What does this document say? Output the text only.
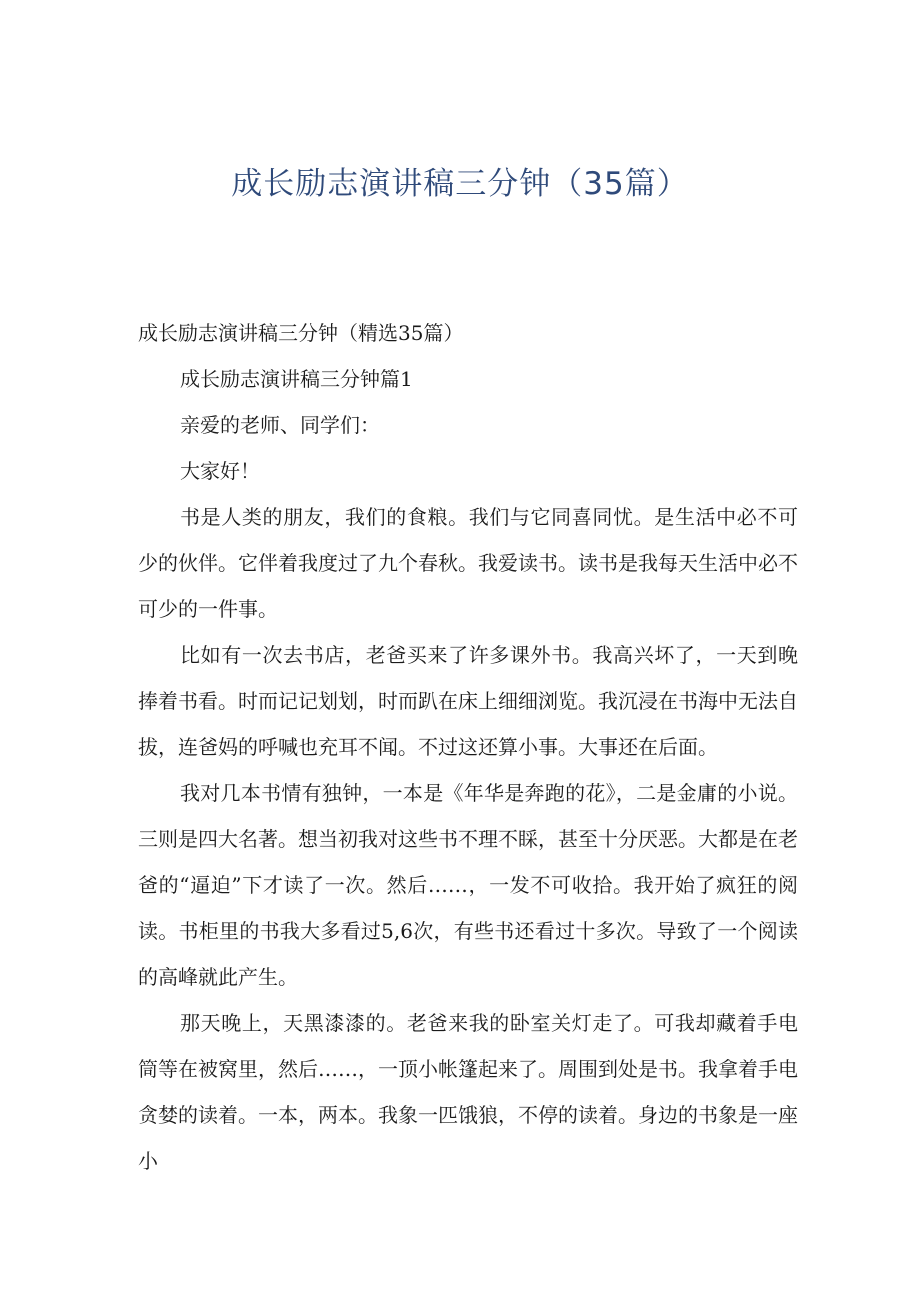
成长励志演讲稿三分钟（35篇）

成长励志演讲稿三分钟（精选35篇）

成长励志演讲稿三分钟篇1

亲爱的老师、同学们：

大家好！

书是人类的朋友，我们的食粮。我们与它同喜同忧。是生活中必不可少的伙伴。它伴着我度过了九个春秋。我爱读书。读书是我每天生活中必不可少的一件事。

比如有一次去书店，老爸买来了许多课外书。我高兴坏了，一天到晚捧着书看。时而记记划划，时而趴在床上细细浏览。我沉浸在书海中无法自拔，连爸妈的呼喊也充耳不闻。不过这还算小事。大事还在后面。

我对几本书情有独钟，一本是《年华是奔跑的花》，二是金庸的小说。三则是四大名著。想当初我对这些书不理不睬，甚至十分厌恶。大都是在老爸的“逼迫”下才读了一次。然后……，一发不可收拾。我开始了疯狂的阅读。书柜里的书我大多看过5,6次，有些书还看过十多次。导致了一个阅读的高峰就此产生。

那天晚上，天黑漆漆的。老爸来我的卧室关灯走了。可我却藏着手电筒等在被窝里，然后……，一顶小帐篷起来了。周围到处是书。我拿着手电贪婪的读着。一本，两本。我象一匹饿狼，不停的读着。身边的书象是一座小
